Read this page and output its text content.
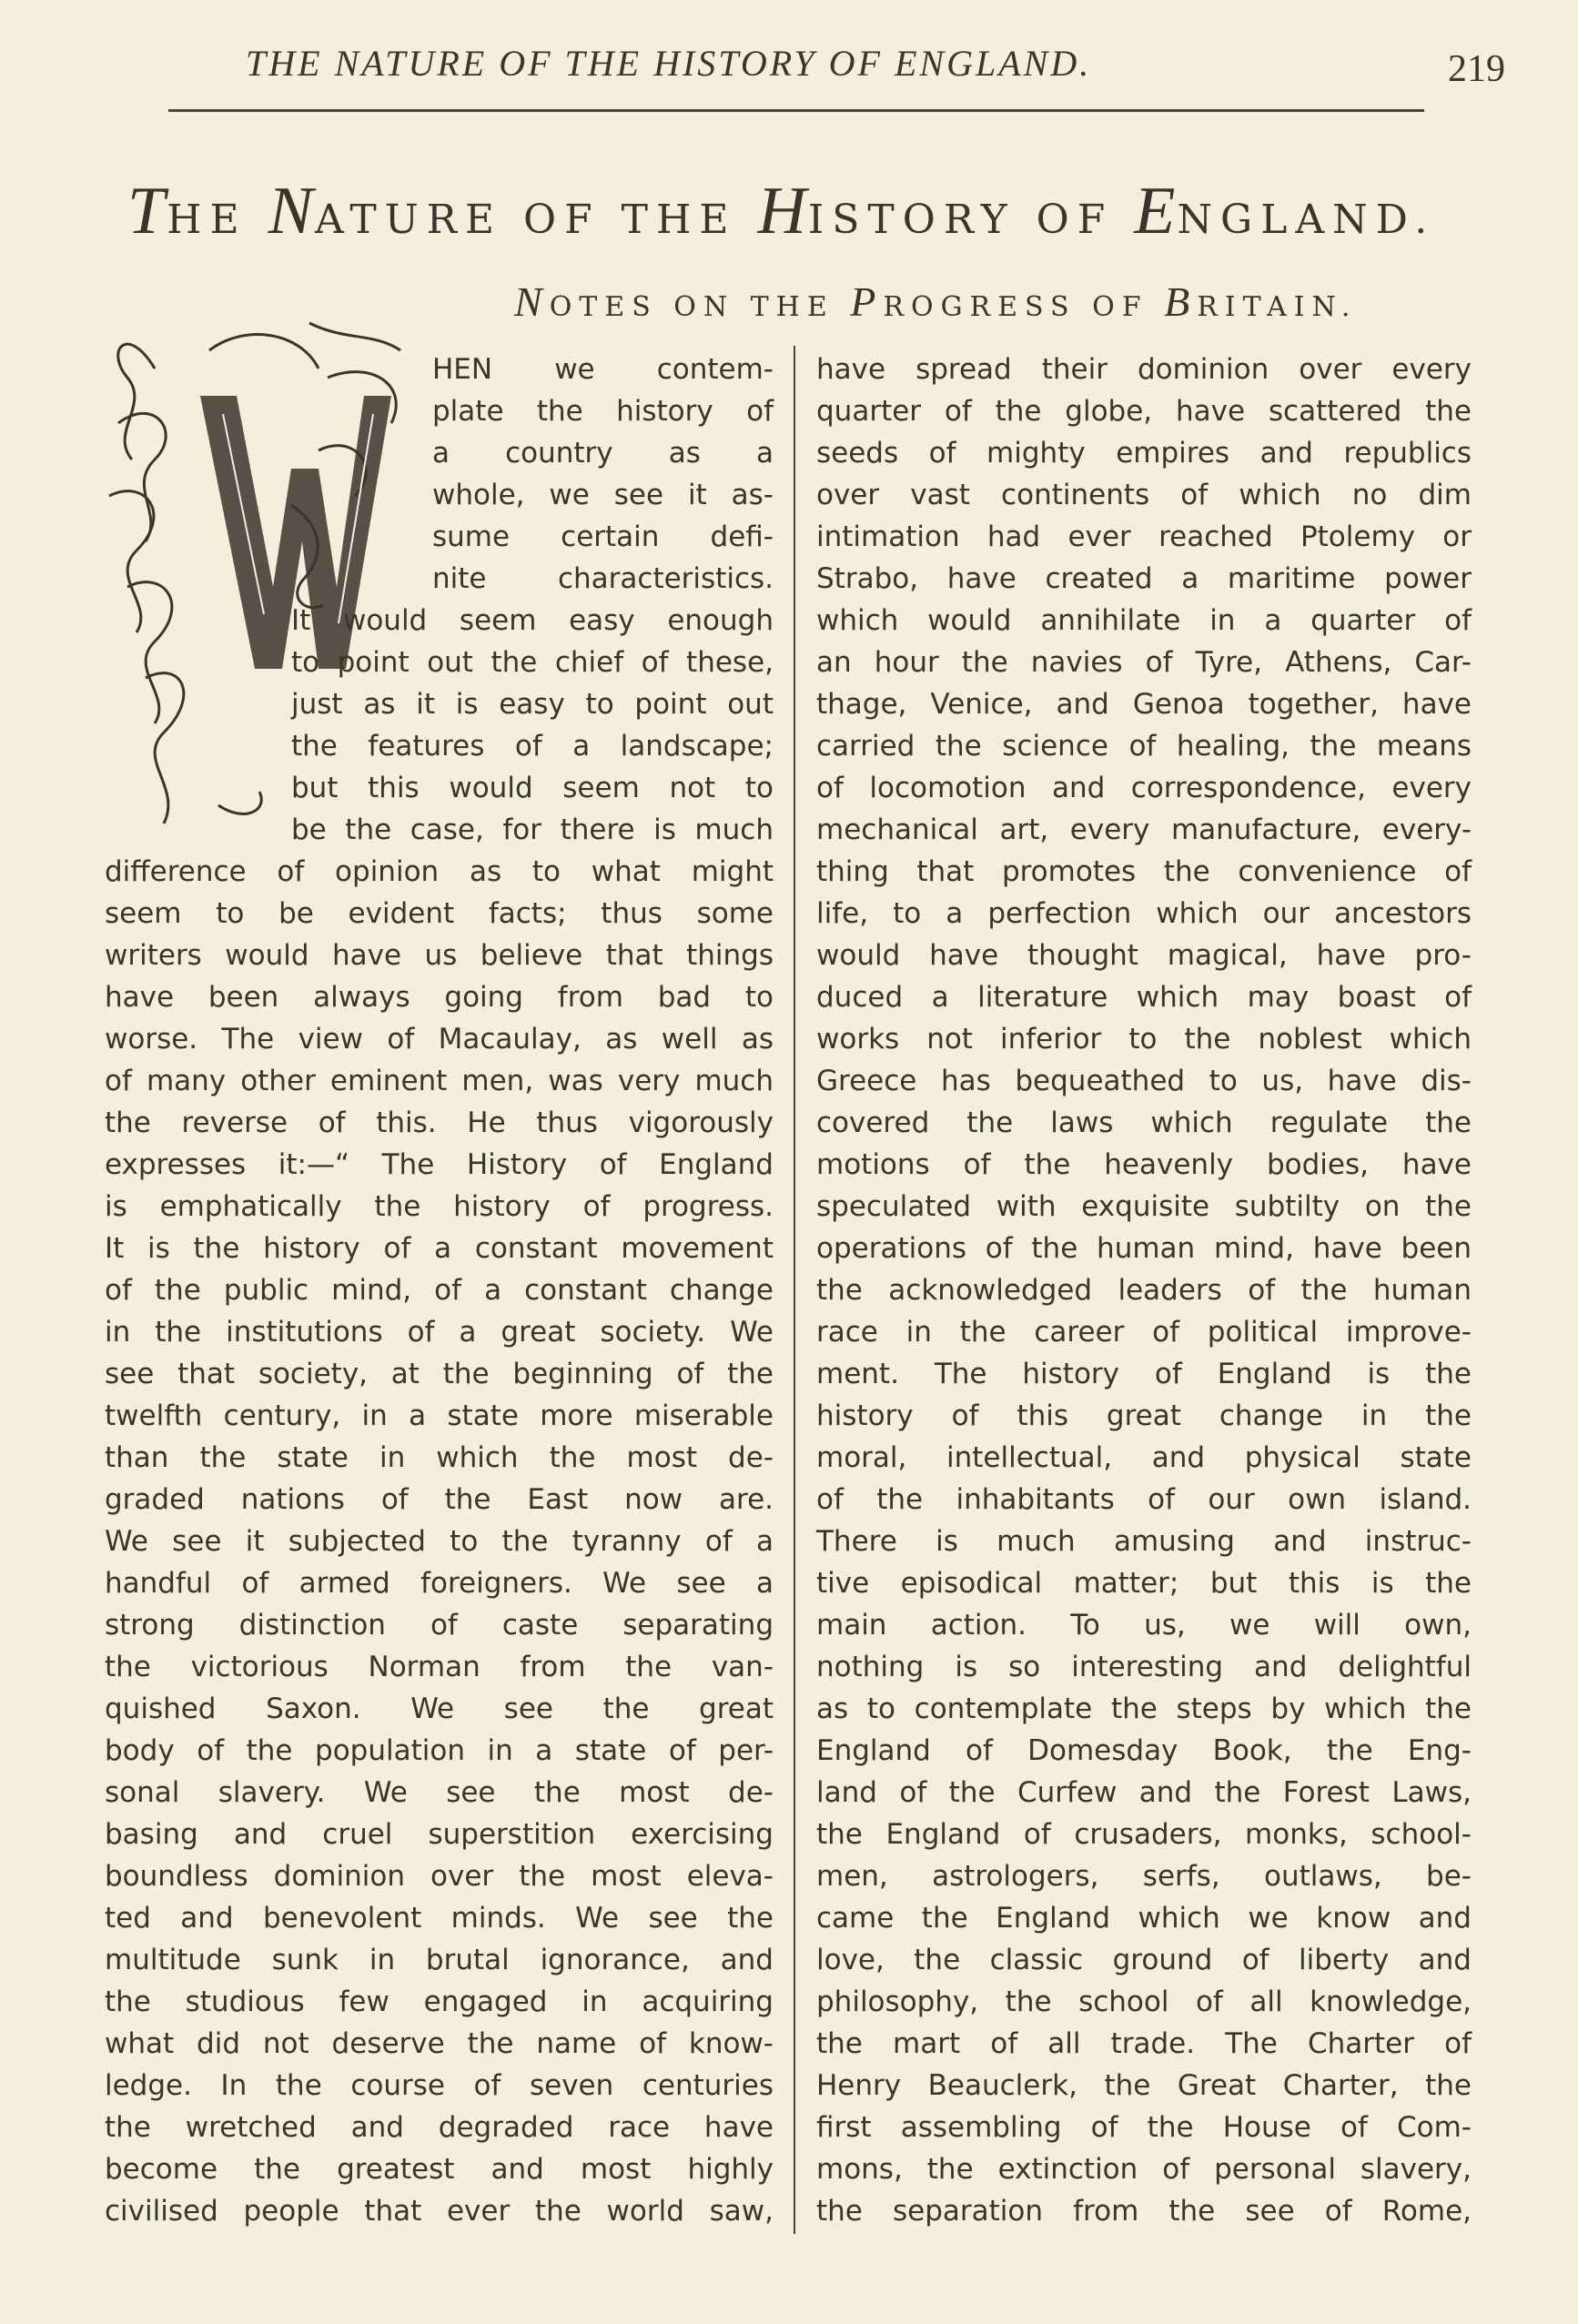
THE NATURE OF THE HISTORY OF ENGLAND.	219
THE NATURE OF THE HISTORY OF ENGLAND.
NOTES ON THE PROGRESS OF BRITAIN.

HEN we contem-

plate the history of

a country as a

whole, we see it as-

sume certain defi-

nite characteristics.

It would seem easy enough

to point out the chief of these,

just as it is easy to point out

the features of a landscape;

but this would seem not to

be the case, for there is much

difference of opinion as to what might

seem to be evident facts; thus some

writers would have us believe that things

have been always going from bad to

worse. The view of Macaulay, as well as

of many other eminent men, was very much

the reverse of this. He thus vigorously

expresses it:—“ The History of England

is emphatically the history of progress.

It is the history of a constant movement

of the public mind, of a constant change

in the institutions of a great society. We

see that society, at the beginning of the

twelfth century, in a state more miserable

than the state in which the most de-

graded nations of the East now are.

We see it subjected to the tyranny of a

handful of armed foreigners. We see a

strong distinction of caste separating

the victorious Norman from the van-

quished Saxon. We see the great

body of the population in a state of per-

sonal slavery. We see the most de-

basing and cruel superstition exercising

boundless dominion over the most eleva-

ted and benevolent minds. We see the

multitude sunk in brutal ignorance, and

the studious few engaged in acquiring

what did not deserve the name of know-

ledge. In the course of seven centuries

the wretched and degraded race have

become the greatest and most highly

civilised people that ever the world saw,

have spread their dominion over every

quarter of the globe, have scattered the

seeds of mighty empires and republics

over vast continents of which no dim

intimation had ever reached Ptolemy or

Strabo, have created a maritime power

which would annihilate in a quarter of

an hour the navies of Tyre, Athens, Car-

thage, Venice, and Genoa together, have

carried the science of healing, the means

of locomotion and correspondence, every

mechanical art, every manufacture, every-

thing that promotes the convenience of

life, to a perfection which our ancestors

would have thought magical, have pro-

duced a literature which may boast of

works not inferior to the noblest which

Greece has bequeathed to us, have dis-

covered the laws which regulate the

motions of the heavenly bodies, have

speculated with exquisite subtilty on the

operations of the human mind, have been

the acknowledged leaders of the human

race in the career of political improve-

ment. The history of England is the

history of this great change in the

moral, intellectual, and physical state

of the inhabitants of our own island.

There is much amusing and instruc-

tive episodical matter; but this is the

main action. To us, we will own,

nothing is so interesting and delightful

as to contemplate the steps by which the

England of Domesday Book, the Eng-

land of the Curfew and the Forest Laws,

the England of crusaders, monks, school-

men, astrologers, serfs, outlaws, be-

came the England which we know and

love, the classic ground of liberty and

philosophy, the school of all knowledge,

the mart of all trade. The Charter of

Henry Beauclerk, the Great Charter, the

first assembling of the House of Com-

mons, the extinction of personal slavery,

the separation from the see of Rome,
